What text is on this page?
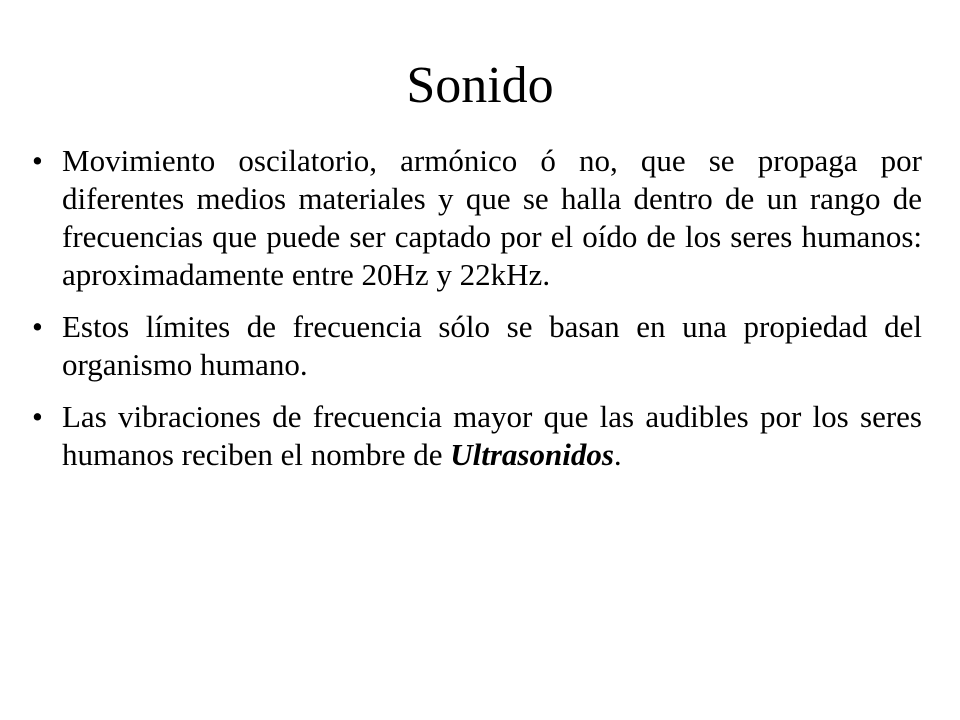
Sonido
• Movimiento oscilatorio, armónico ó no, que se propaga por diferentes medios materiales y que se halla dentro de un rango de frecuencias que puede ser captado por el oído de los seres humanos: aproximadamente entre 20Hz y 22kHz.
• Estos límites de frecuencia sólo se basan en una propiedad del organismo humano.
• Las vibraciones de frecuencia mayor que las audibles por los seres humanos reciben el nombre de Ultrasonidos.
